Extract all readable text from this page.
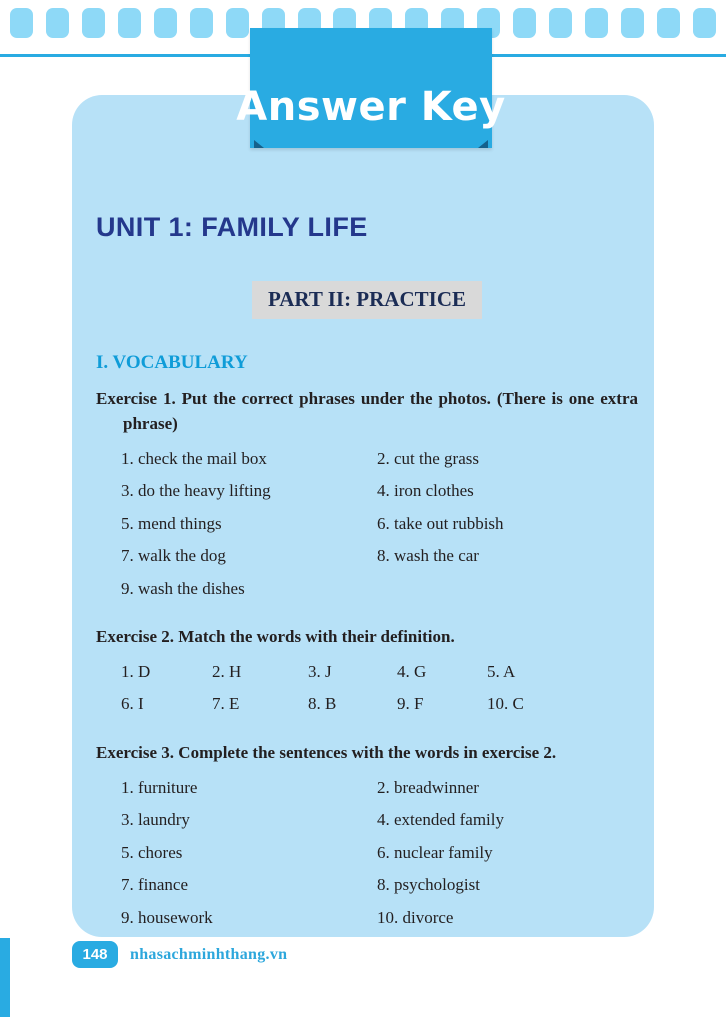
Answer Key
UNIT 1: FAMILY LIFE
PART II: PRACTICE
I. VOCABULARY
Exercise 1. Put the correct phrases under the photos. (There is one extra phrase)
1. check the mail box	2. cut the grass
3. do the heavy lifting	4. iron clothes
5. mend things	6. take out rubbish
7. walk the dog	8. wash the car
9. wash the dishes
Exercise 2. Match the words with their definition.
1. D	2. H	3. J	4. G	5. A
6. I	7. E	8. B	9. F	10. C
Exercise 3. Complete the sentences with the words in exercise 2.
1. furniture	2. breadwinner
3. laundry	4. extended family
5. chores	6. nuclear family
7. finance	8. psychologist
9. housework	10. divorce
148	nhasachminhthang.vn
